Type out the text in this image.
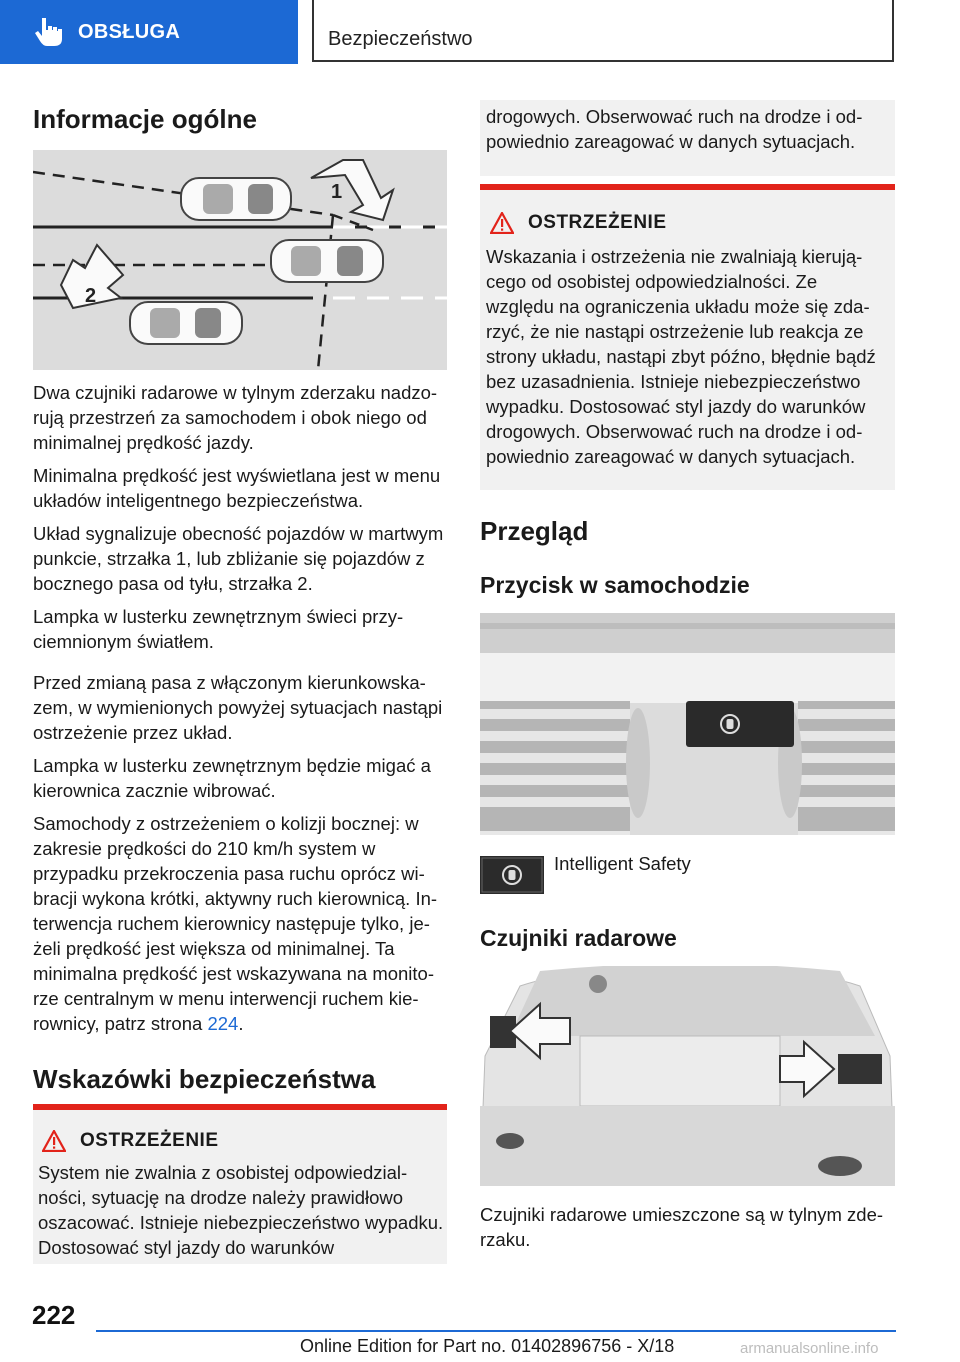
OBSŁUGA	Bezpieczeństwo
Informacje ogólne
1
2

Dwa czujniki radarowe w tylnym zderzaku nadzorują przestrzeń za samochodem i obok niego od minimalnej prędkość jazdy.

Minimalna prędkość jest wyświetlana jest w menu układów inteligentnego bezpieczeństwa.

Układ sygnalizuje obecność pojazdów w martwym punkcie, strzałka 1, lub zbliżanie się pojazdów z bocznego pasa od tyłu, strzałka 2.

Lampka w lusterku zewnętrznym świeci przyciemnionym światłem.

Przed zmianą pasa z włączonym kierunkowskazem, w wymienionych powyżej sytuacjach nastąpi ostrzeżenie przez układ.

Lampka w lusterku zewnętrznym będzie migać a kierownica zacznie wibrować.

Samochody z ostrzeżeniem o kolizji bocznej: w zakresie prędkości do 210 km/h system w przypadku przekroczenia pasa ruchu oprócz wibracji wykona krótki, aktywny ruch kierownicą. Interwencja ruchem kierownicy następuje tylko, jeżeli prędkość jest większa od minimalnej. Ta minimalna prędkość jest wskazywana na monitorze centralnym w menu interwencji ruchem kierownicy, patrz strona 224.

Wskazówki bezpieczeństwa
OSTRZEŻENIE
System nie zwalnia z osobistej odpowiedzialności, sytuację na drodze należy prawidłowo oszacować. Istnieje niebezpieczeństwo wypadku. Dostosować styl jazdy do warunków
drogowych. Obserwować ruch na drodze i odpowiednio zareagować w danych sytuacjach.
OSTRZEŻENIE
Wskazania i ostrzeżenia nie zwalniają kierującego od osobistej odpowiedzialności. Ze względu na ograniczenia układu może się zdarzyć, że nie nastąpi ostrzeżenie lub reakcja ze strony układu, nastąpi zbyt późno, błędnie bądź bez uzasadnienia. Istnieje niebezpieczeństwo wypadku. Dostosować styl jazdy do warunków drogowych. Obserwować ruch na drodze i odpowiednio zareagować w danych sytuacjach.
Przegląd
Przycisk w samochodzie
Intelligent Safety
Czujniki radarowe
Czujniki radarowe umieszczone są w tylnym zderzaku.
222
Online Edition for Part no. 01402896756 - X/18	armanualsonline.info
